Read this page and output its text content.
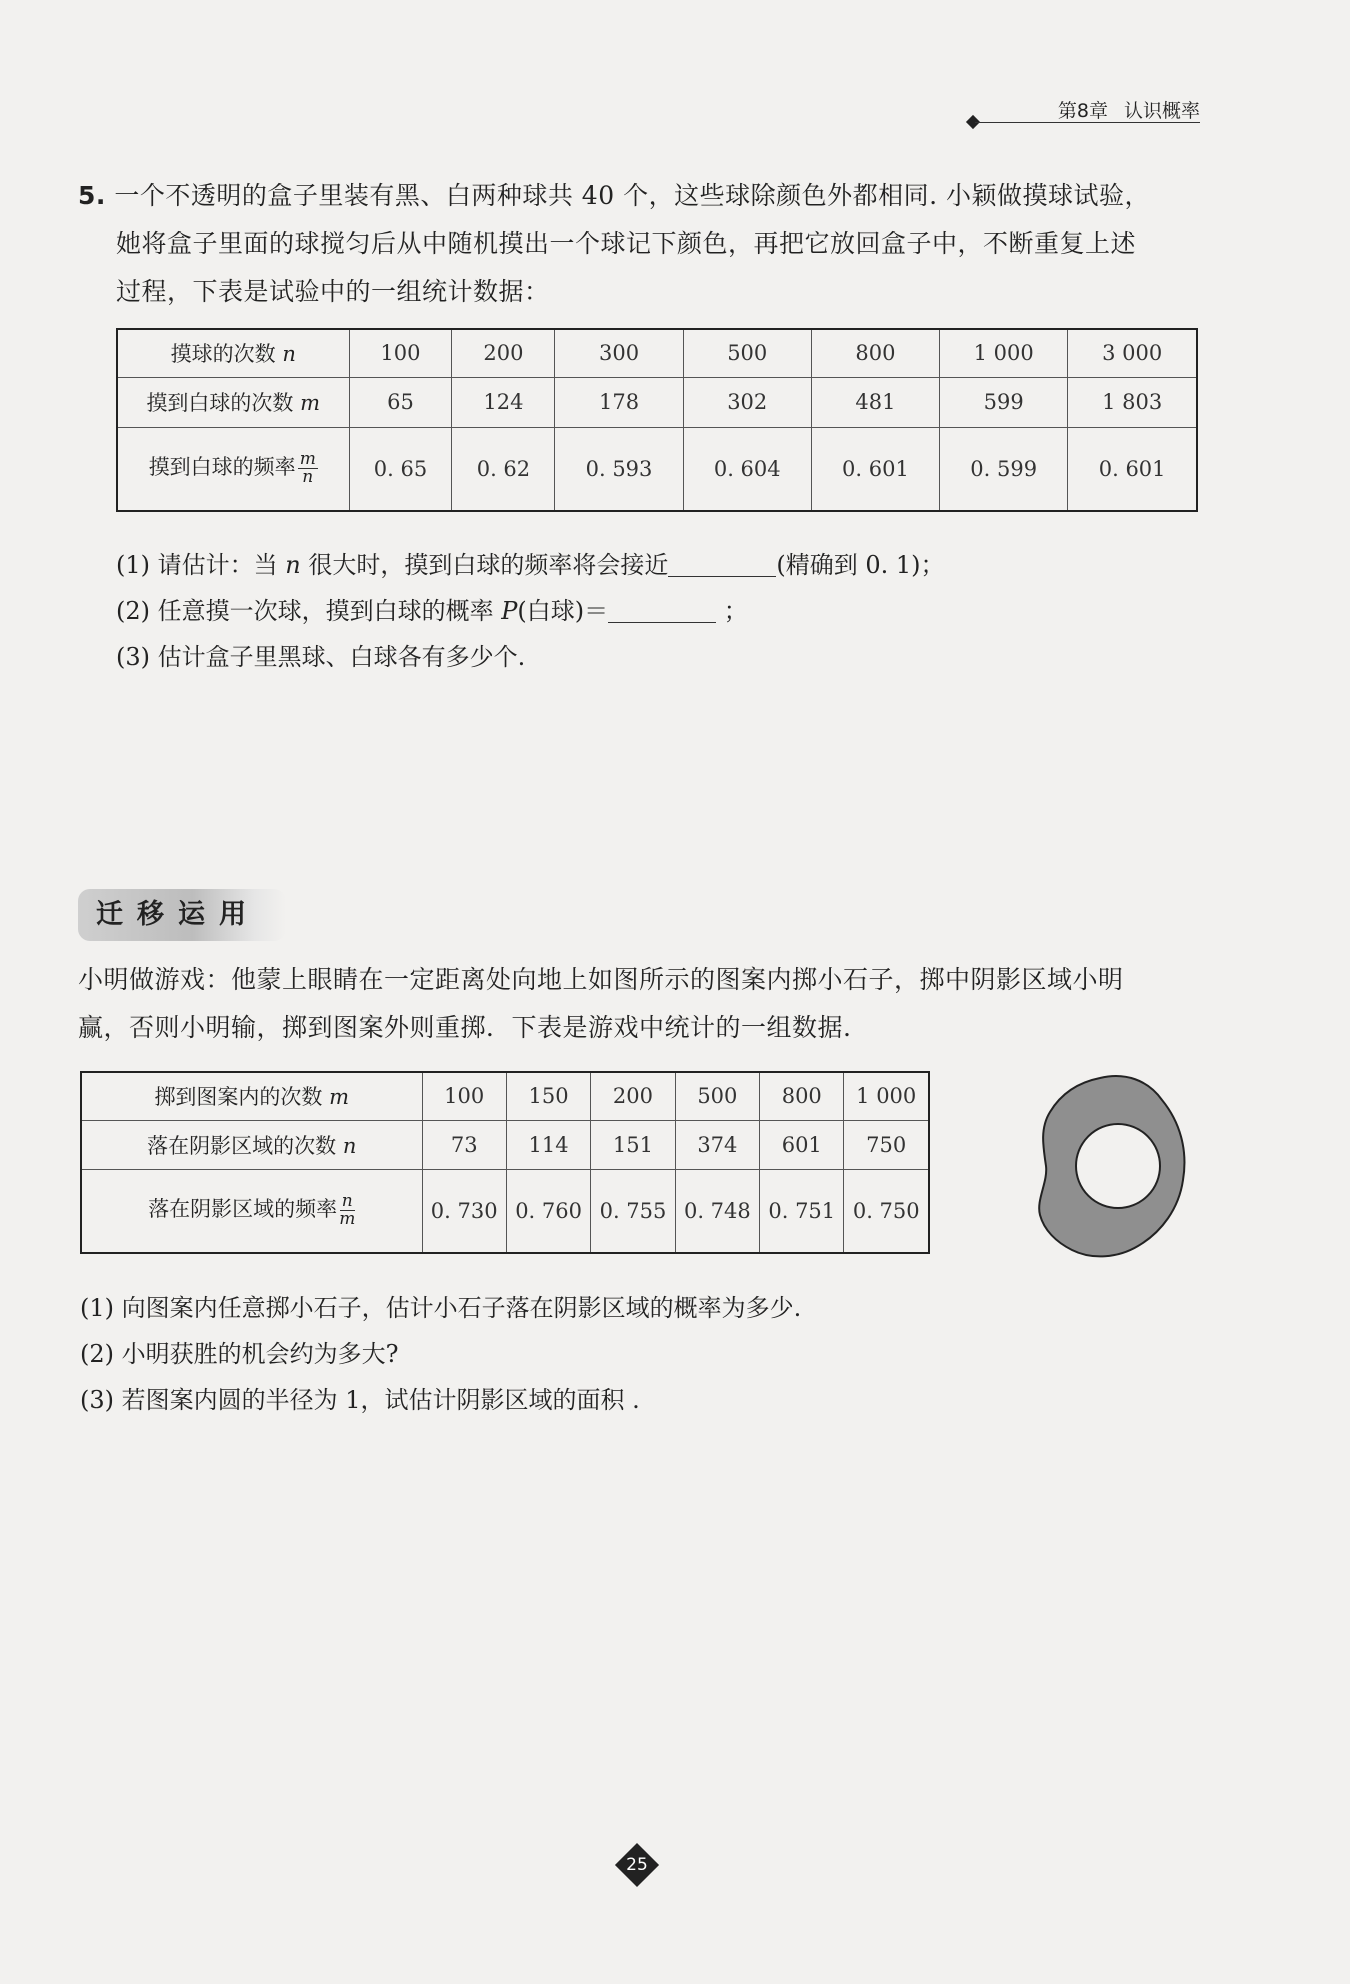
第8章 认识概率
5. 一个不透明的盒子里装有黑、白两种球共 40 个，这些球除颜色外都相同. 小颖做摸球试验，
她将盒子里面的球搅匀后从中随机摸出一个球记下颜色，再把它放回盒子中，不断重复上述
过程，下表是试验中的一组统计数据：
摸球的次数 n	100	200	300	500	800	1 000	3 000
摸到白球的次数 m	65	124	178	302	481	599	1 803
摸到白球的频率 $\frac{m}{n}$	0. 65	0. 62	0. 593	0. 604	0. 601	0. 599	0. 601
(1) 请估计：当 n 很大时，摸到白球的频率将会接近	(精确到 0. 1)；
(2) 任意摸一次球，摸到白球的概率 P(白球)＝	；
(3) 估计盒子里黑球、白球各有多少个.
迁移运用
小明做游戏：他蒙上眼睛在一定距离处向地上如图所示的图案内掷小石子，掷中阴影区域小明
赢，否则小明输，掷到图案外则重掷．下表是游戏中统计的一组数据.
掷到图案内的次数 m	100	150	200	500	800	1 000
落在阴影区域的次数 n	73	114	151	374	601	750
落在阴影区域的频率 $\frac{n}{m}$	0. 730	0. 760	0. 755	0. 748	0. 751	0. 750
(1) 向图案内任意掷小石子，估计小石子落在阴影区域的概率为多少.
(2) 小明获胜的机会约为多大?
(3) 若图案内圆的半径为 1，试估计阴影区域的面积 .
25
